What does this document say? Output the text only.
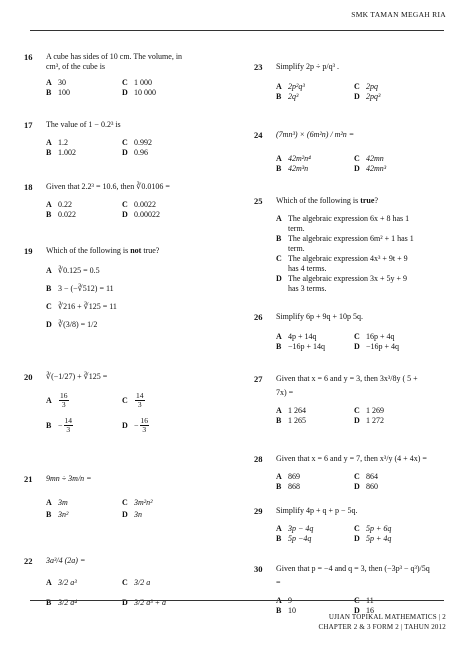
SMK TAMAN MEGAH RIA
16 A cube has sides of 10 cm. The volume, in
cm³, of the cube is
A 30	C 1 000
B 100	D 10 000
17 The value of 1 − 0.2³ is
A 1.2	C 0.992
B 1.002	D 0.96
18 Given that 2.2³ = 10.6, then ∛0.0106 =
A 0.22	C 0.0022
B 0.022	D 0.00022
19 Which of the following is not true?
A ∛0.125 = 0.5
B 3 − (−∛512) = 11
C ∛216 + ∛125 = 11
D ∛(3/8) = 1/2
20 ∛(−1/27) + ∛125 =
A $\frac{16}{3}$	C $\frac{14}{3}$
$B - \frac{14}{3}$	$D - \frac{16}{3}$
21 9mn ÷ 3m/n =
A 3m	C 3m²n²
B 3n²	D 3n
22 3a³/4 (2a) =
A 3/2 a³	C 3/2 a
B 3/2 a⁴	D 3/2 a³ + a
23 Simplify 2p ÷ p/q³ .
A 2p²q³	C 2pq
B 2q³	D 2pq³
24 (7mn³) × (6m²n) / m²n =
A 42m²n⁴	C 42mn
B 42m³n	D 42mn³
25 Which of the following is true?
A The algebraic expression 6x + 8 has 1
term.
B The algebraic expression 6m² + 1 has 1
term.
C The algebraic expression 4x³ + 9t + 9
has 4 terms.
D The algebraic expression 3x + 5y + 9
has 3 terms.
26 Simplify 6p + 9q + 10p 5q.
A 4p + 14q	C 16p + 4q
B −16p + 14q	D −16p + 4q
27 Given that x = 6 and y = 3, then 3x³/8y ( 5 +
7x) =
A 1 264	C 1 269
B 1 265	D 1 272
28 Given that x = 6 and y = 7, then x³/y (4 + 4x) =
A 869	C 864
B 868	D 860
29 Simplify 4p + q + p − 5q.
A 3p − 4q	C 5p + 6q
B 5p −4q	D 5p + 4q
30 Given that p = −4 and q = 3, then (−3p³ − q³)/5q
=
A 9	C 11
B 10	D 16
UJIAN TOPIKAL MATHEMATICS | 2
CHAPTER 2 & 3 FORM 2 | TAHUN 2012
